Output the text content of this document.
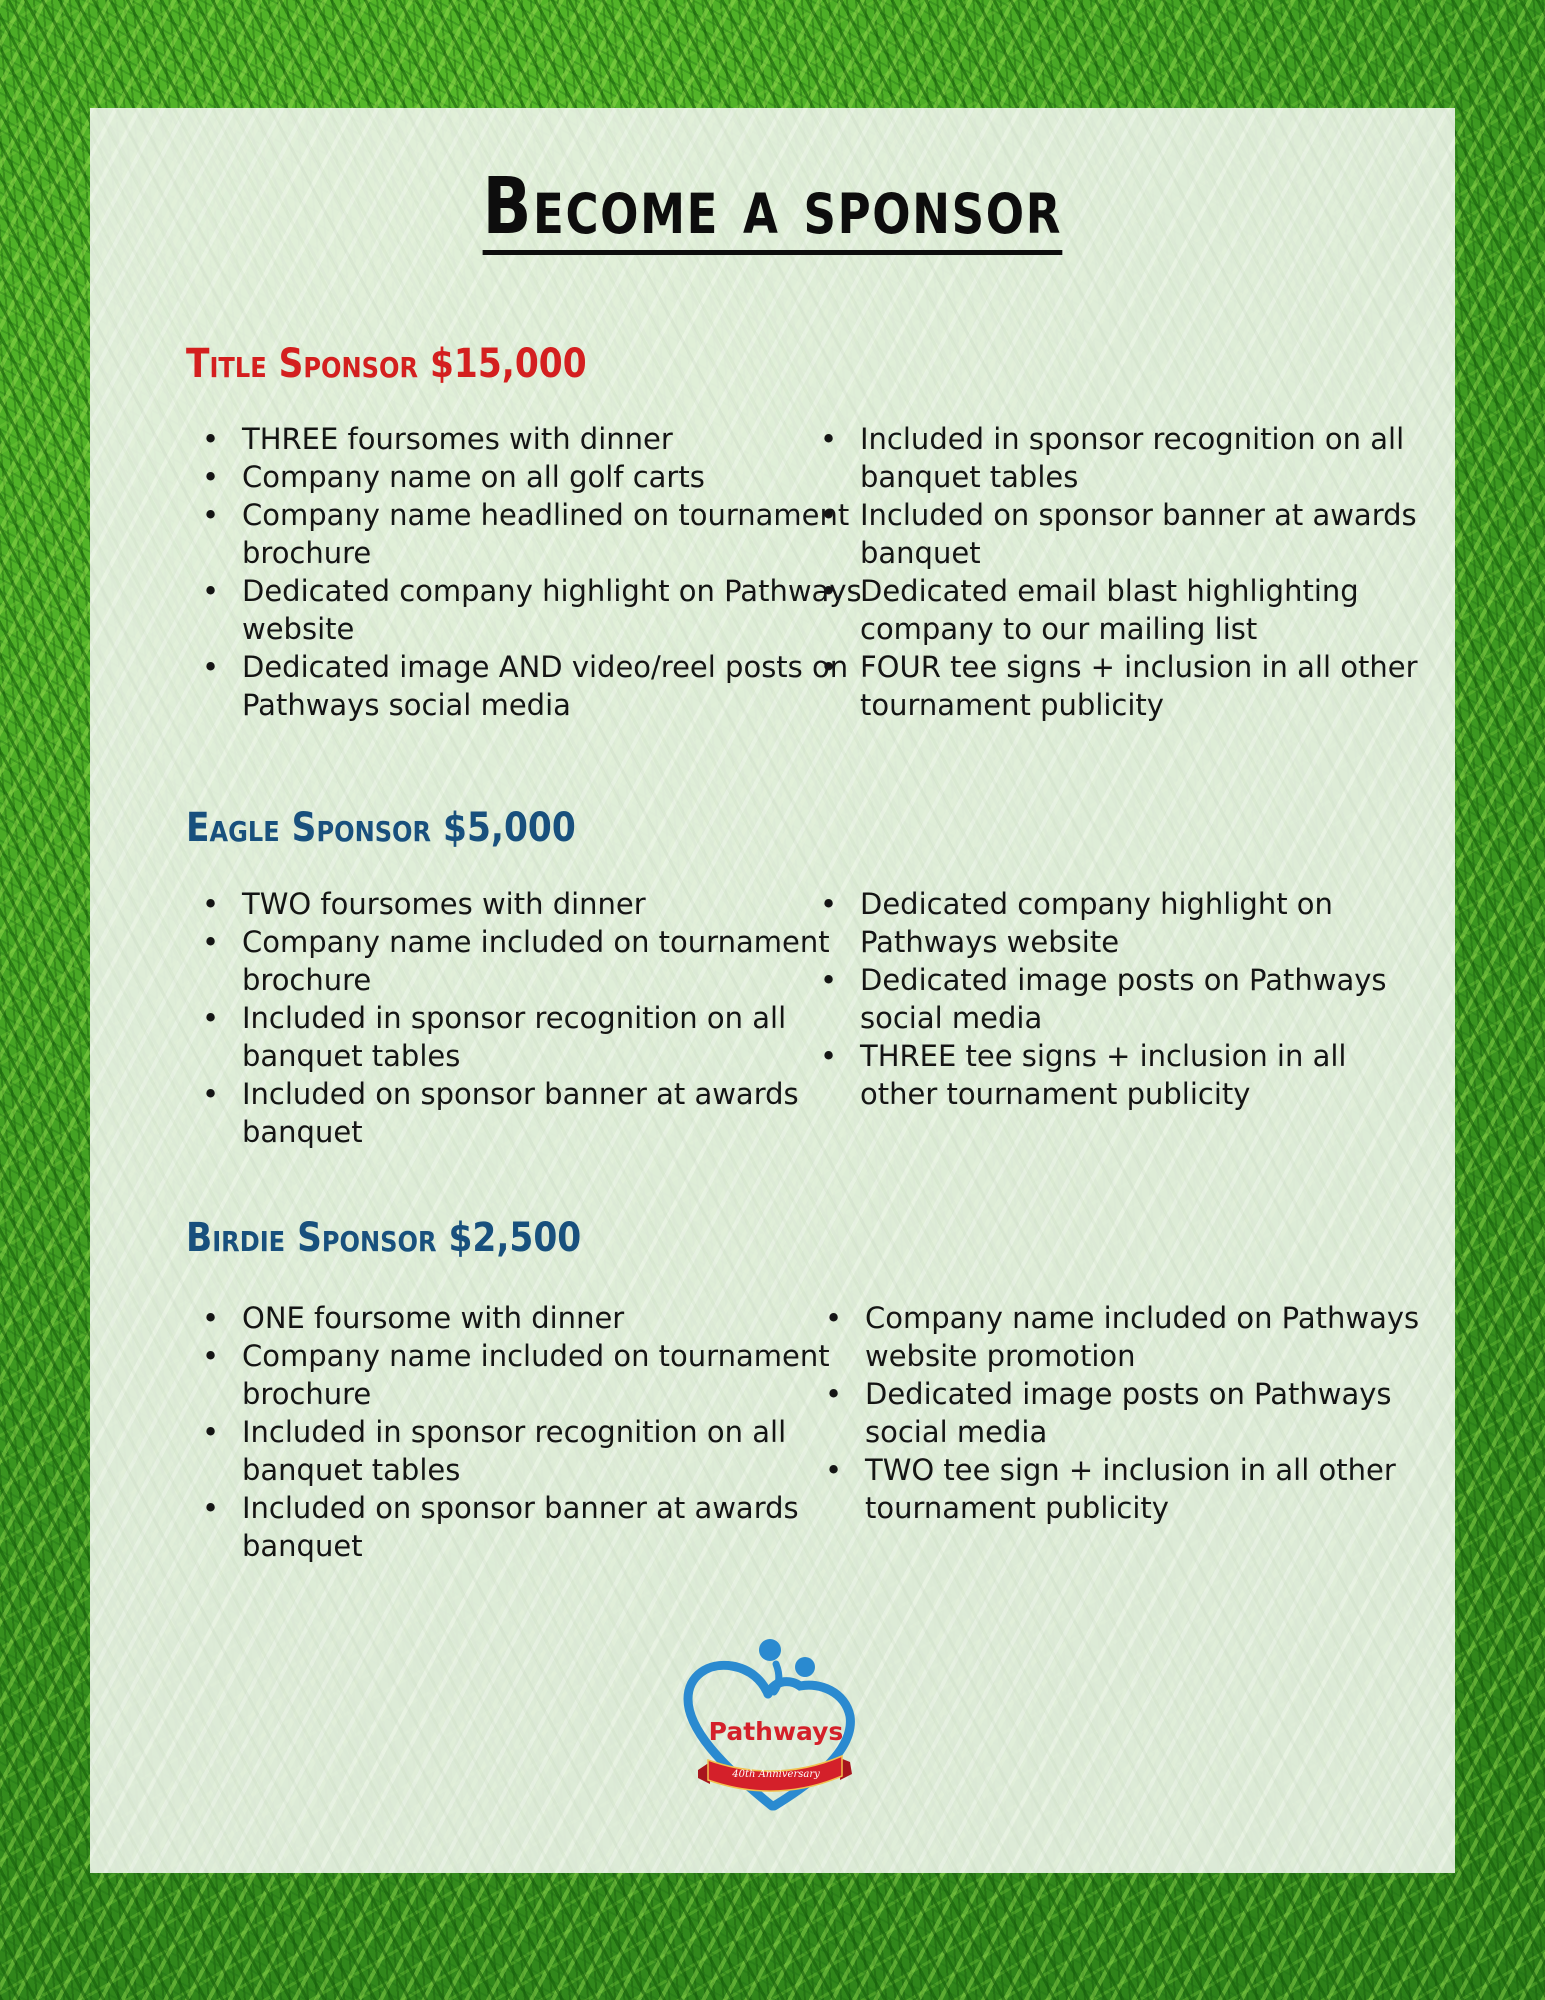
Become a sponsor
Title Sponsor $15,000
• THREE foursomes with dinner
• Company name on all golf carts
• Company name headlined on tournament brochure
• Dedicated company highlight on Pathways website
• Dedicated image AND video/reel posts on Pathways social media
• Included in sponsor recognition on all banquet tables
• Included on sponsor banner at awards banquet
• Dedicated email blast highlighting company to our mailing list
• FOUR tee signs + inclusion in all other tournament publicity
Eagle Sponsor $5,000
• TWO foursomes with dinner
• Company name included on tournament brochure
• Included in sponsor recognition on all banquet tables
• Included on sponsor banner at awards banquet
• Dedicated company highlight on Pathways website
• Dedicated image posts on Pathways social media
• THREE tee signs + inclusion in all other tournament publicity
Birdie Sponsor $2,500
• ONE foursome with dinner
• Company name included on tournament brochure
• Included in sponsor recognition on all banquet tables
• Included on sponsor banner at awards banquet
• Company name included on Pathways website promotion
• Dedicated image posts on Pathways social media
• TWO tee sign + inclusion in all other tournament publicity
Pathways
40th Anniversary
